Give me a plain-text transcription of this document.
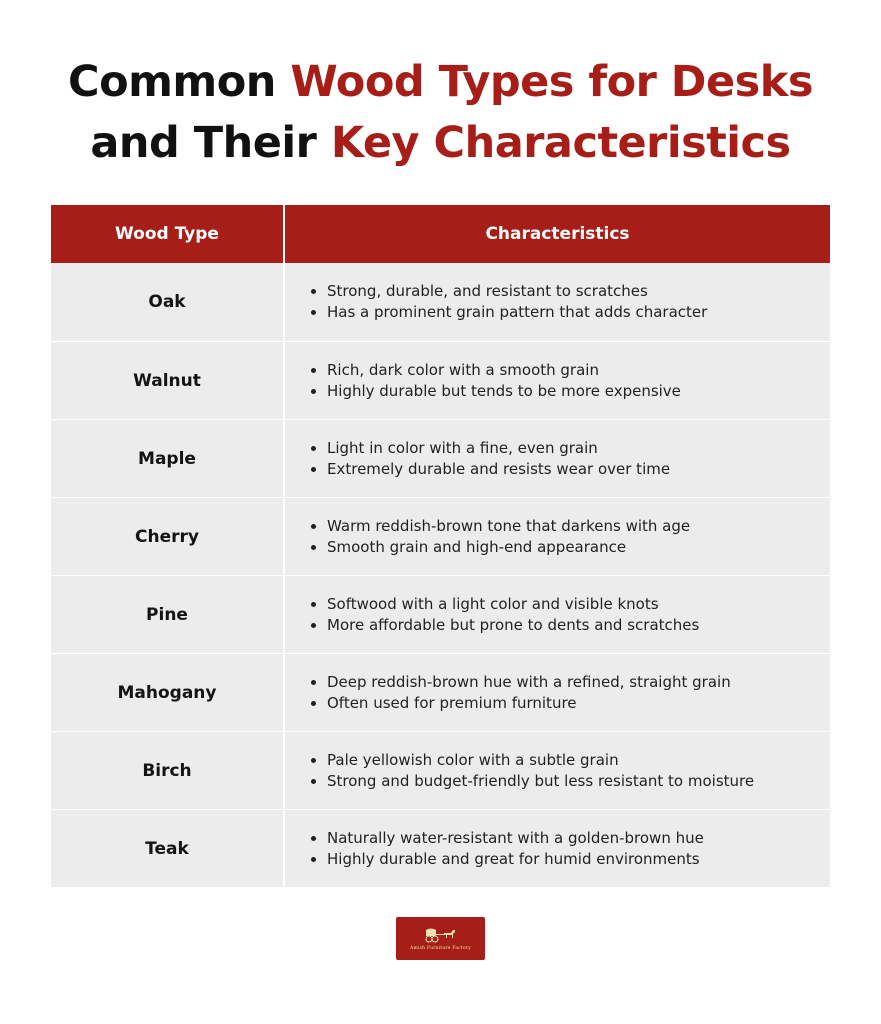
Common Wood Types for Desks
and Their Key Characteristics
Wood Type	Characteristics
Oak
Strong, durable, and resistant to scratches
Has a prominent grain pattern that adds character
Walnut
Rich, dark color with a smooth grain
Highly durable but tends to be more expensive
Maple
Light in color with a fine, even grain
Extremely durable and resists wear over time
Cherry
Warm reddish-brown tone that darkens with age
Smooth grain and high-end appearance
Pine
Softwood with a light color and visible knots
More affordable but prone to dents and scratches
Mahogany
Deep reddish-brown hue with a refined, straight grain
Often used for premium furniture
Birch
Pale yellowish color with a subtle grain
Strong and budget-friendly but less resistant to moisture
Teak
Naturally water-resistant with a golden-brown hue
Highly durable and great for humid environments
Amish Furniture Factory
